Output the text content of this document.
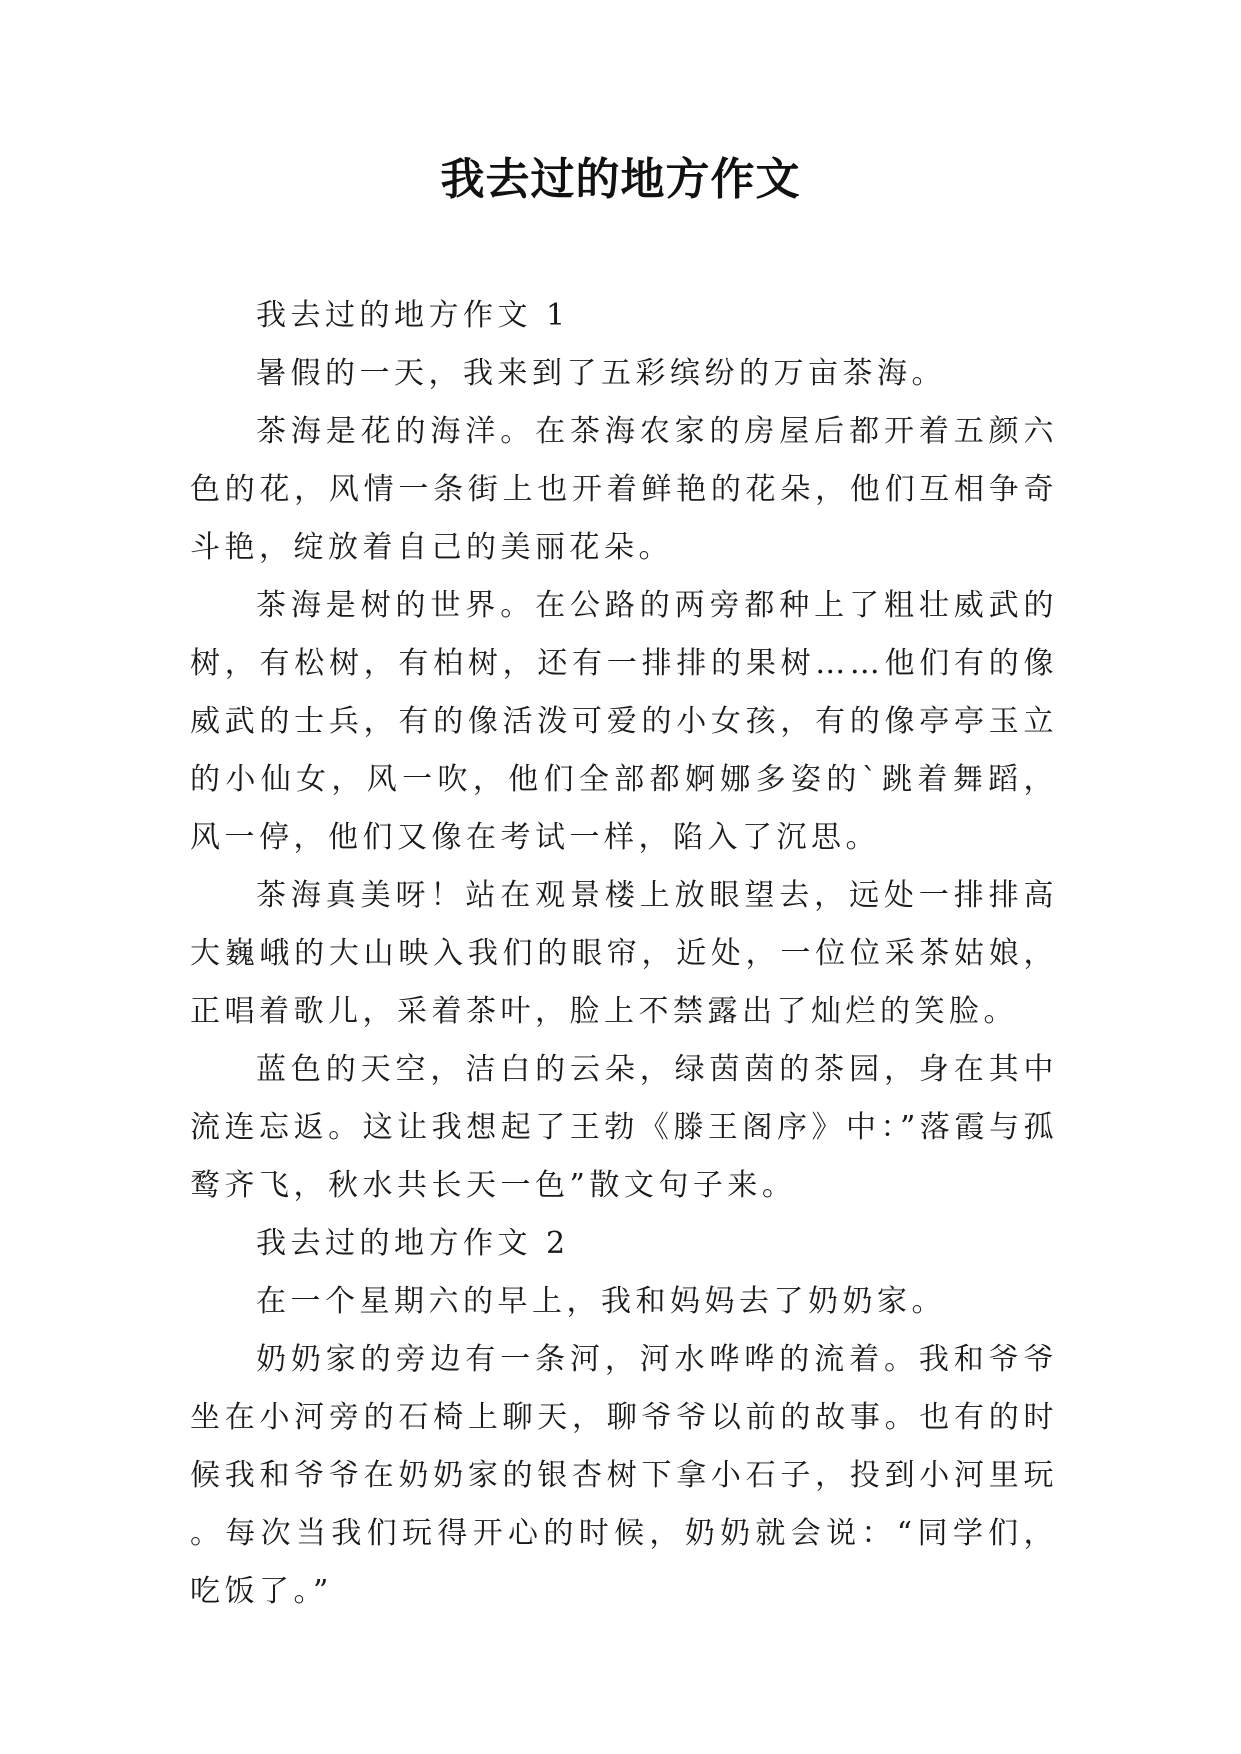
我去过的地方作文

我去过的地方作文 1

暑假的一天，我来到了五彩缤纷的万亩茶海。

茶海是花的海洋。在茶海农家的房屋后都开着五颜六色的花，风情一条街上也开着鲜艳的花朵，他们互相争奇斗艳，绽放着自己的美丽花朵。

茶海是树的世界。在公路的两旁都种上了粗壮威武的树，有松树，有柏树，还有一排排的果树……他们有的像威武的士兵，有的像活泼可爱的小女孩，有的像亭亭玉立的小仙女，风一吹，他们全部都婀娜多姿的`跳着舞蹈，风一停，他们又像在考试一样，陷入了沉思。

茶海真美呀！站在观景楼上放眼望去，远处一排排高大巍峨的大山映入我们的眼帘，近处，一位位采茶姑娘，正唱着歌儿，采着茶叶，脸上不禁露出了灿烂的笑脸。

蓝色的天空，洁白的云朵，绿茵茵的茶园，身在其中流连忘返。这让我想起了王勃《滕王阁序》中：”落霞与孤鹜齐飞，秋水共长天一色”散文句子来。

我去过的地方作文 2

在一个星期六的早上，我和妈妈去了奶奶家。

奶奶家的旁边有一条河，河水哗哗的流着。我和爷爷坐在小河旁的石椅上聊天，聊爷爷以前的故事。也有的时候我和爷爷在奶奶家的银杏树下拿小石子，投到小河里玩。每次当我们玩得开心的时候，奶奶就会说：“同学们，吃饭了。”
